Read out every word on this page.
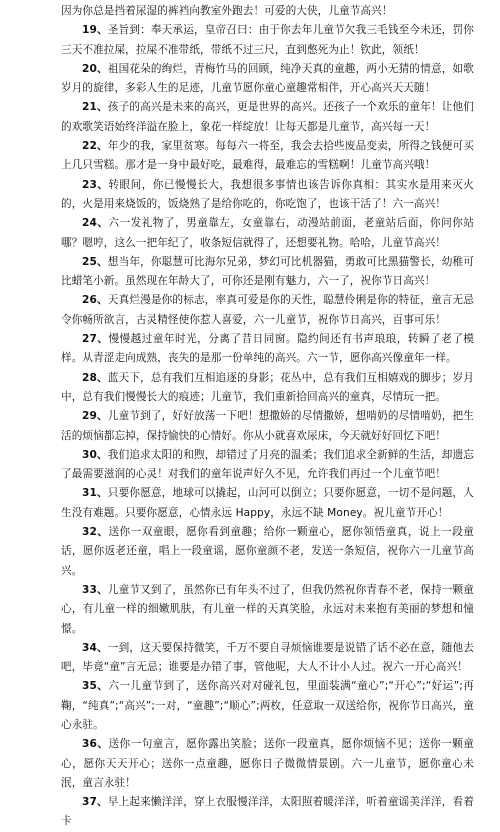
因为你总是挡着尿湿的裤裆向教室外跑去！可爱的大侠，儿童节高兴！

19、圣旨到：奉天承运，皇帝召曰：由于你去年儿童节欠我三毛钱至今未还，罚你三天不准拉屎，拉屎不准带纸，带纸不过三尺，直到憋死为止！钦此，领纸！

20、祖国花朵的绚烂，青梅竹马的回顾，纯净天真的童趣，两小无猜的情意，如歌岁月的旋律，多彩人生的足迹，儿童节愿你童心童趣常相伴，开心高兴天天随！

21、孩子的高兴是未来的高兴，更是世界的高兴。还孩子一个欢乐的童年！让他们的欢歌笑语始终洋溢在脸上，象花一样绽放！让每天都是儿童节，高兴每一天！

22、年少的我，家里贫寒。每每六一将至，我会去拾些废品变卖，所得之钱便可买上几只雪糕。那才是一身中最好吃，最难得，最难忘的雪糕啊！儿童节高兴哦！

23、转眼间，你已慢慢长大，我想很多事情也该告诉你真相：其实水是用来灭火的，火是用来烧饭的，饭烧熟了是给你吃的，你吃饱了，也该干活了！六一高兴！

24、六一发礼物了，男童靠左，女童靠右，动漫站前面，老童站后面，你问你站哪？嗯哼，这么一把年纪了，收条短信就得了，还想要礼物。哈哈，儿童节高兴！

25、想当年，你聪慧可比海尔兄弟，梦幻可比机器猫，勇敢可比黑猫警长，幼稚可比蜡笔小新。虽然现在年龄大了，可你还是刚有魅力，六一了，祝你节日高兴！

26、天真烂漫是你的标志，率真可爱是你的天性，聪慧伶俐是你的特征，童言无忌令你畅所欲言，古灵精怪使你惹人喜爱，六一儿童节，祝你节日高兴，百事可乐！

27、慢慢越过童年时光，分离了昔日同窗。隐约间还有书声琅琅，转瞬了老了模样。从青涩走向成熟，丧失的是那一份单纯的高兴。六一节，愿你高兴像童年一样。

28、蓝天下，总有我们互相追逐的身影；花丛中，总有我们互相嬉戏的脚步；岁月中，总有我们慢慢长大的痕迹；儿童节，我们重新拾回高兴的童真，尽情玩一把。

29、儿童节到了，好好放荡一下吧！想撒娇的尽情撒娇，想啃奶的尽情啃奶，把生活的烦恼都忘掉，保持愉快的心情好。你从小就喜欢尿床，今天就好好回忆下吧！

30、我们追求太阳的和煦，却错过了月亮的温柔；我们追求全新鲜的生活，却遗忘了最需要滋润的心灵！对我们的童年说声好久不见，允许我们再过一个儿童节吧！

31、只要你愿意，地球可以撬起，山河可以倒立；只要你愿意，一切不是问题，人生没有难题。只要你愿意，心情永远 Happy，永远不缺 Money。祝儿童节开心！

32、送你一双童眼，愿你看到童趣；给你一颗童心，愿你领悟童真，说上一段童话，愿你返老还童，唱上一段童谣，愿你童颜不老，发送一条短信，祝你六一儿童节高兴。

33、儿童节又到了，虽然你已有年头不过了，但我仍然祝你青春不老，保持一颗童心，有儿童一样的细嫩肌肤，有儿童一样的天真笑脸，永远对未来抱有美丽的梦想和憧憬。

34、一到，这天要保持微笑，千万不要自寻烦恼谁要是说错了话不必在意，随他去吧，毕竟“童”言无忌；谁要是办错了事，管他呢，大人不计小人过。祝六一开心高兴！

35、六一儿童节到了，送你高兴对对碰礼包，里面装满“童心”;“开心”;“好运”;再鞠，“纯真”;“高兴”;一对，“童趣”;“顺心”;两枚，任意取一双送给你，祝你节日高兴，童心永驻。

36、送你一句童言，愿你露出笑脸；送你一段童真，愿你烦恼不见；送你一颗童心，愿你天天开心；送你一点童趣，愿你日子微微情景剧。六一儿童节，愿你童心未泯，童言永驻！

37、早上起来懒洋洋，穿上衣服慢洋洋，太阳照着暖洋洋，听着童谣美洋洋，看着卡
